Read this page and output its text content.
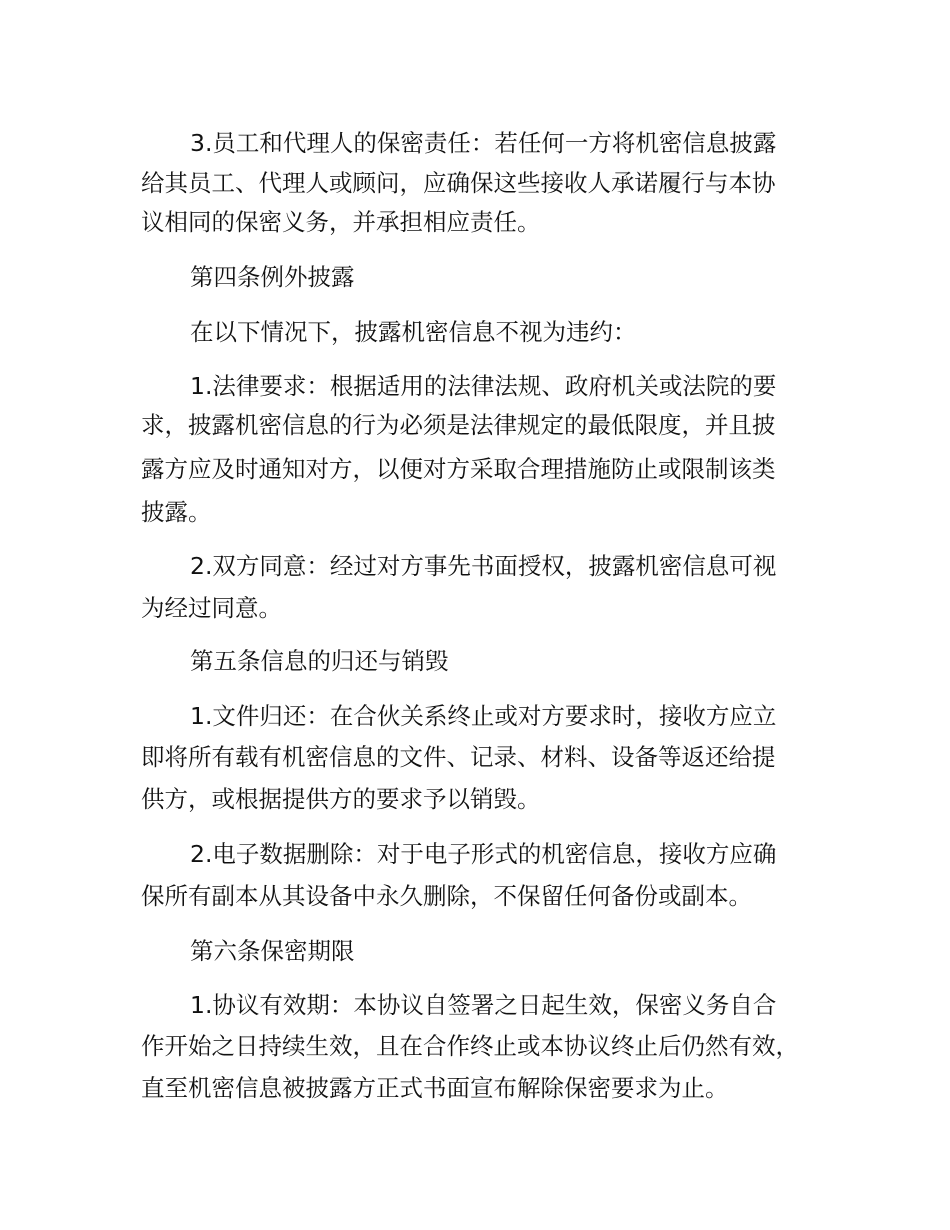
3.员工和代理人的保密责任：若任何一方将机密信息披露
给其员工、代理人或顾问，应确保这些接收人承诺履行与本协
议相同的保密义务，并承担相应责任。
第四条例外披露
在以下情况下，披露机密信息不视为违约：
1.法律要求：根据适用的法律法规、政府机关或法院的要
求，披露机密信息的行为必须是法律规定的最低限度，并且披
露方应及时通知对方，以便对方采取合理措施防止或限制该类
披露。
2.双方同意：经过对方事先书面授权，披露机密信息可视
为经过同意。
第五条信息的归还与销毁
1.文件归还：在合伙关系终止或对方要求时，接收方应立
即将所有载有机密信息的文件、记录、材料、设备等返还给提
供方，或根据提供方的要求予以销毁。
2.电子数据删除：对于电子形式的机密信息，接收方应确
保所有副本从其设备中永久删除，不保留任何备份或副本。
第六条保密期限
1.协议有效期：本协议自签署之日起生效，保密义务自合
作开始之日持续生效，且在合作终止或本协议终止后仍然有效，
直至机密信息被披露方正式书面宣布解除保密要求为止。
